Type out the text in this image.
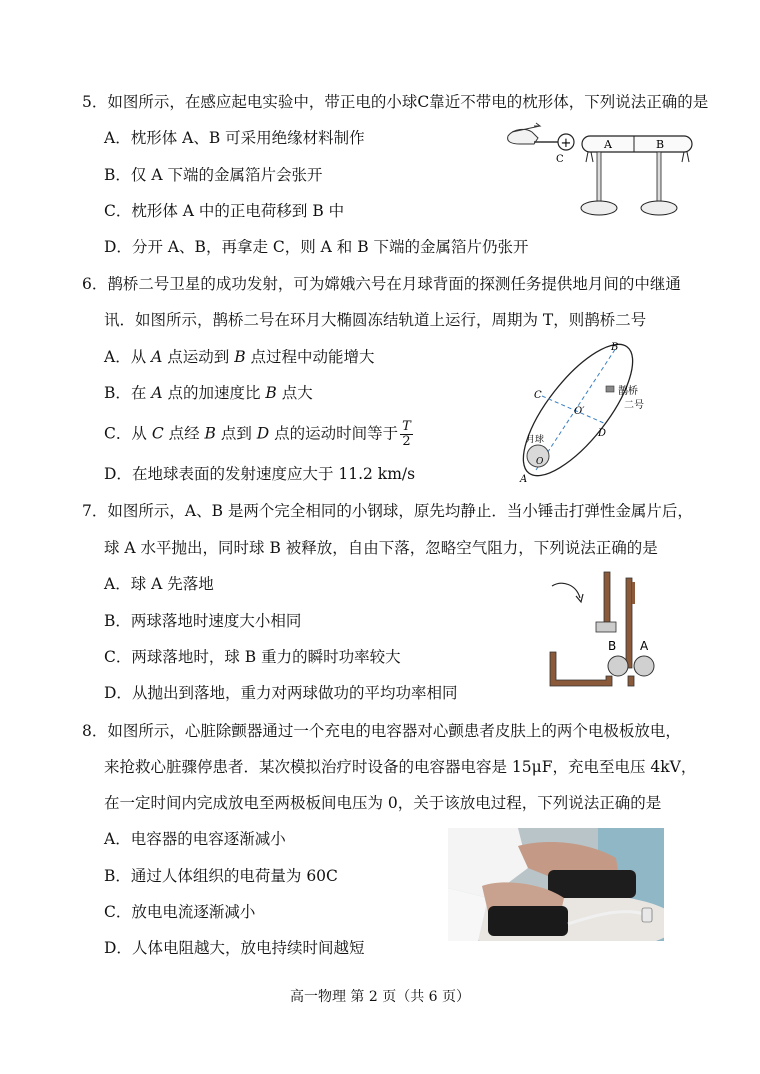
5．如图所示，在感应起电实验中，带正电的小球C靠近不带电的枕形体，下列说法正确的是
A．枕形体 A、B 可采用绝缘材料制作
B．仅 A 下端的金属箔片会张开
C．枕形体 A 中的正电荷移到 B 中
D．分开 A、B，再拿走 C，则 A 和 B 下端的金属箔片仍张开
+
C
A	B
6．鹊桥二号卫星的成功发射，可为嫦娥六号在月球背面的探测任务提供地月间的中继通
讯．如图所示，鹊桥二号在环月大椭圆冻结轨道上运行，周期为 T，则鹊桥二号
A．从 A 点运动到 B 点过程中动能增大
B．在 A 点的加速度比 B 点大
C．从 C 点经 B 点到 D 点的运动时间等于 $\frac{T}{2}$
D．在地球表面的发射速度应大于 11.2 km/s
B
C
D
A
O′
O
月球
鹊桥
二号
7．如图所示，A、B 是两个完全相同的小钢球，原先均静止．当小锤击打弹性金属片后，
球 A 水平抛出，同时球 B 被释放，自由下落，忽略空气阻力，下列说法正确的是
A．球 A 先落地
B．两球落地时速度大小相同
C．两球落地时，球 B 重力的瞬时功率较大
D．从抛出到落地，重力对两球做功的平均功率相同
B A
8．如图所示，心脏除颤器通过一个充电的电容器对心颤患者皮肤上的两个电极板放电，
来抢救心脏骤停患者．某次模拟治疗时设备的电容器电容是 15μF，充电至电压 4kV，
在一定时间内完成放电至两极板间电压为 0，关于该放电过程，下列说法正确的是
A．电容器的电容逐渐减小
B．通过人体组织的电荷量为 60C
C．放电电流逐渐减小
D．人体电阻越大，放电持续时间越短
高一物理 第 2 页（共 6 页）
